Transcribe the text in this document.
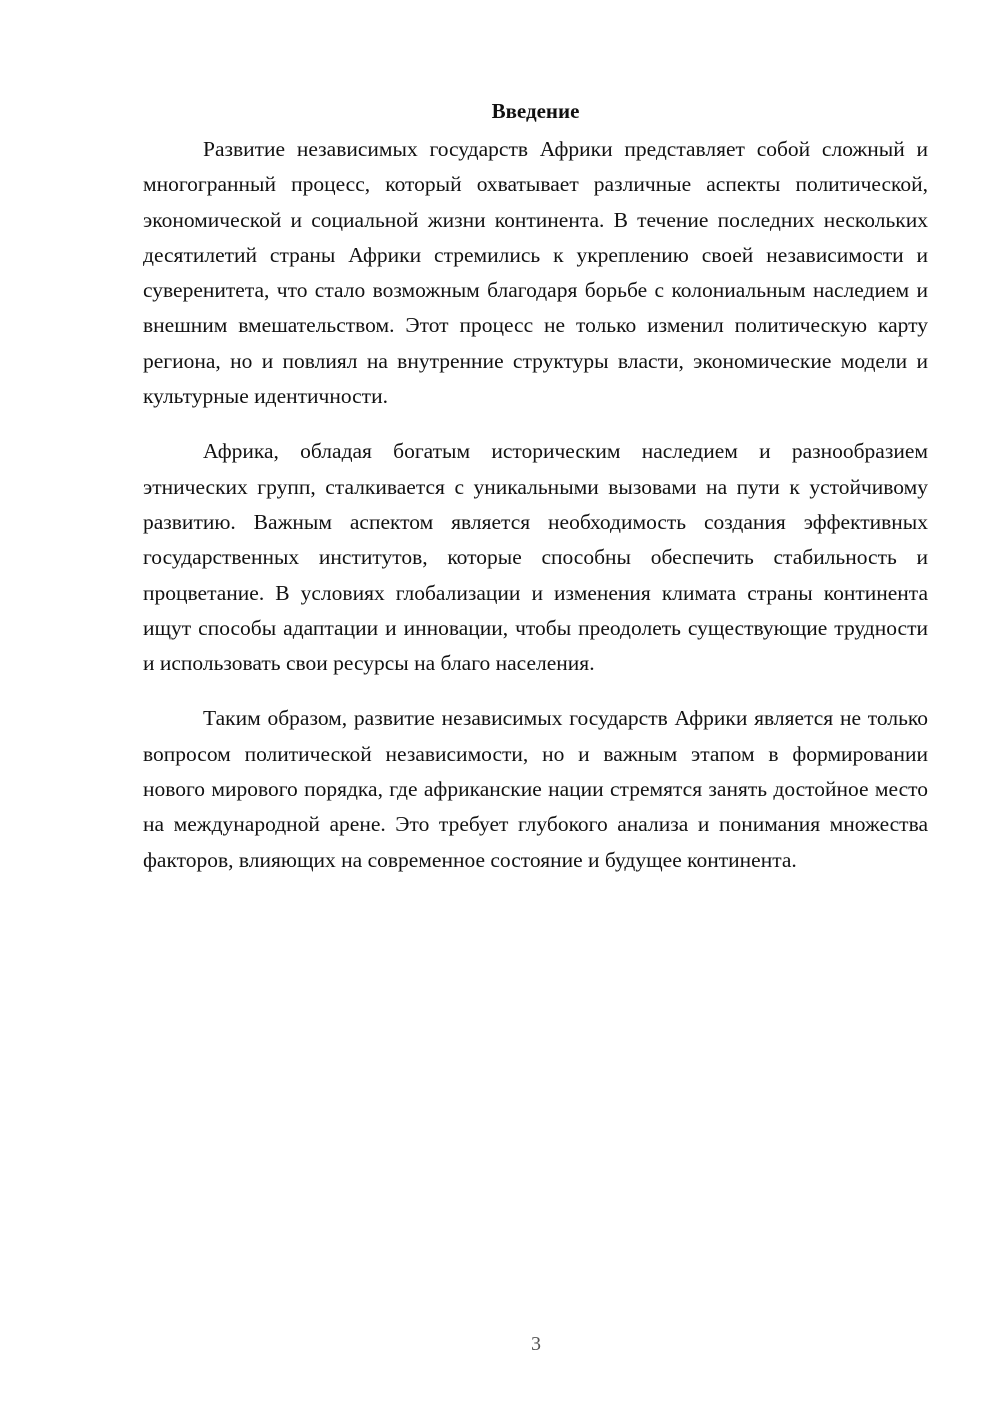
Введение

Развитие независимых государств Африки представляет собой сложный и многогранный процесс, который охватывает различные аспекты политической, экономической и социальной жизни континента. В течение последних нескольких десятилетий страны Африки стремились к укреплению своей независимости и суверенитета, что стало возможным благодаря борьбе с колониальным наследием и внешним вмешательством. Этот процесс не только изменил политическую карту региона, но и повлиял на внутренние структуры власти, экономические модели и культурные идентичности.

Африка, обладая богатым историческим наследием и разнообразием этнических групп, сталкивается с уникальными вызовами на пути к устойчивому развитию. Важным аспектом является необходимость создания эффективных государственных институтов, которые способны обеспечить стабильность и процветание. В условиях глобализации и изменения климата страны континента ищут способы адаптации и инновации, чтобы преодолеть существующие трудности и использовать свои ресурсы на благо населения.

Таким образом, развитие независимых государств Африки является не только вопросом политической независимости, но и важным этапом в формировании нового мирового порядка, где африканские нации стремятся занять достойное место на международной арене. Это требует глубокого анализа и понимания множества факторов, влияющих на современное состояние и будущее континента.

3
